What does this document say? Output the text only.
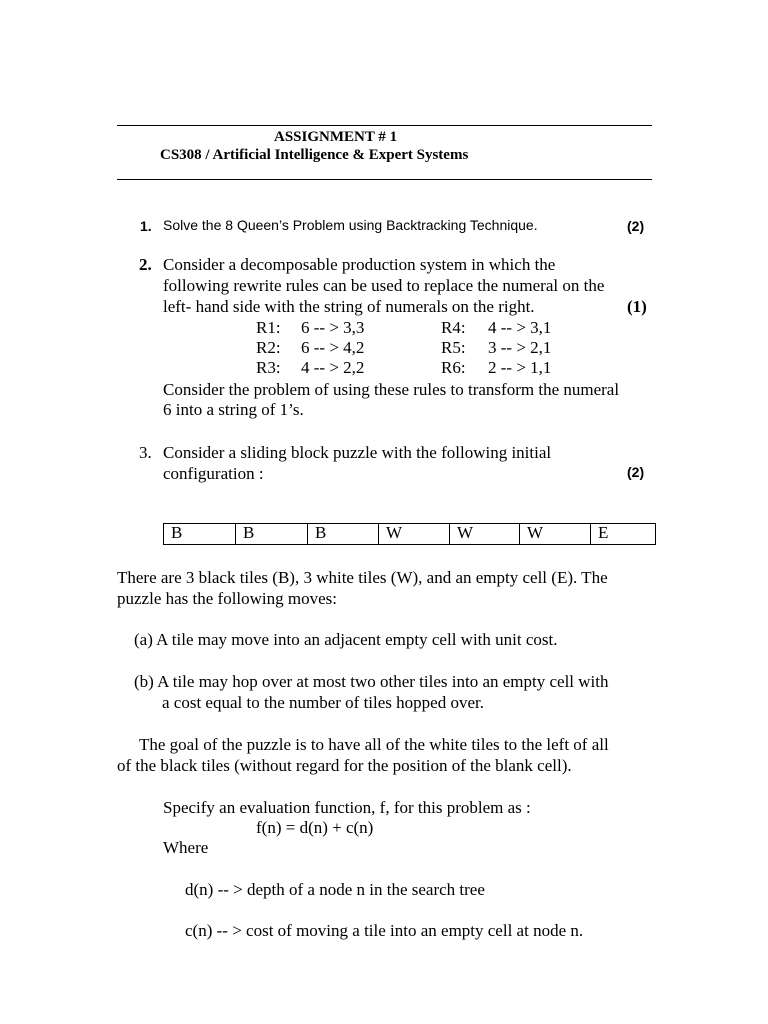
ASSIGNMENT # 1
CS308 / Artificial Intelligence & Expert Systems
1. Solve the 8 Queen’s Problem using Backtracking Technique.	(2)
2. Consider a decomposable production system in which the
following rewrite rules can be used to replace the numeral on the
left- hand side with the string of numerals on the right.	(1)
R1: 6 -- > 3,3
R2: 6 -- > 4,2
R3: 4 -- > 2,2
R4: 4 -- > 3,1
R5: 3 -- > 2,1
R6: 2 -- > 1,1
Consider the problem of using these rules to transform the numeral
6 into a string of 1’s.
3. Consider a sliding block puzzle with the following initial
configuration :	(2)
B	B	B	W	W	W	E
There are 3 black tiles (B), 3 white tiles (W), and an empty cell (E). The
puzzle has the following moves:
(a) A tile may move into an adjacent empty cell with unit cost.
(b) A tile may hop over at most two other tiles into an empty cell with
a cost equal to the number of tiles hopped over.
The goal of the puzzle is to have all of the white tiles to the left of all
of the black tiles (without regard for the position of the blank cell).
Specify an evaluation function, f, for this problem as :
f(n) = d(n) + c(n)
Where
d(n) -- > depth of a node n in the search tree
c(n) -- > cost of moving a tile into an empty cell at node n.
